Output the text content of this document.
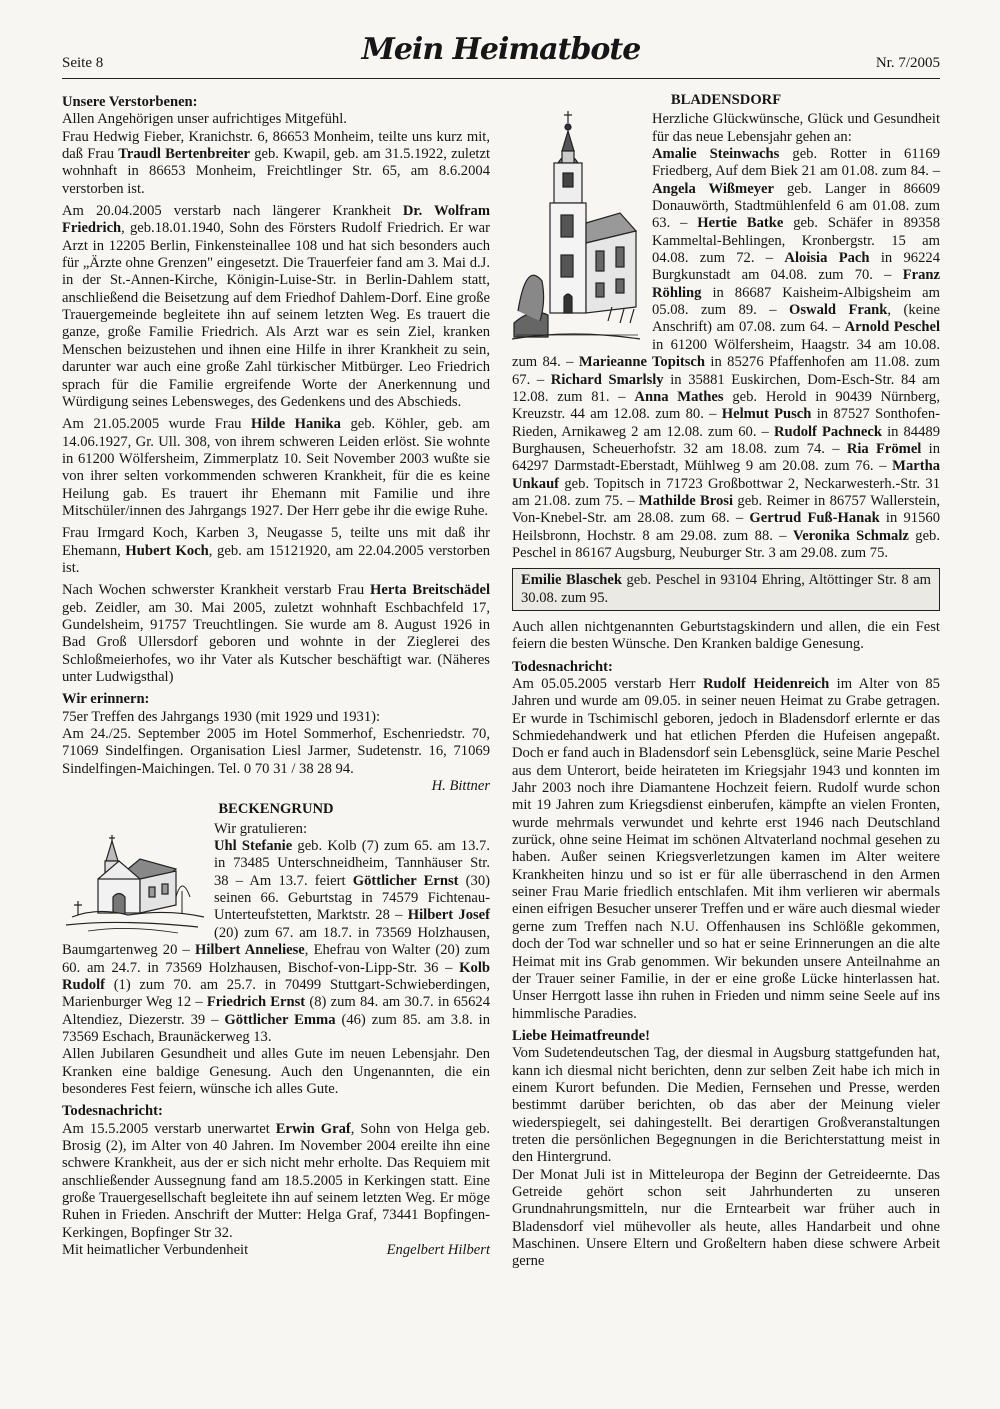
Seite 8	Mein Heimatbote	Nr. 7/2005
Unsere Verstorbenen:

Allen Angehörigen unser aufrichtiges Mitgefühl.
Frau Hedwig Fieber, Kranichstr. 6, 86653 Monheim, teilte uns kurz mit, daß Frau Traudl Bertenbreiter geb. Kwapil, geb. am 31.5.1922, zuletzt wohnhaft in 86653 Monheim, Freichtlinger Str. 65, am 8.6.2004 verstorben ist.

Am 20.04.2005 verstarb nach längerer Krankheit Dr. Wolfram Friedrich, geb.18.01.1940, Sohn des Försters Rudolf Friedrich. Er war Arzt in 12205 Berlin, Finkensteinallee 108 und hat sich besonders auch für „Ärzte ohne Grenzen" eingesetzt. Die Trauerfeier fand am 3. Mai d.J. in der St.-Annen-Kirche, Königin-Luise-Str. in Berlin-Dahlem statt, anschließend die Beisetzung auf dem Friedhof Dahlem-Dorf. Eine große Trauergemeinde begleitete ihn auf seinem letzten Weg. Es trauert die ganze, große Familie Friedrich. Als Arzt war es sein Ziel, kranken Menschen beizustehen und ihnen eine Hilfe in ihrer Krankheit zu sein, darunter war auch eine große Zahl türkischer Mitbürger. Leo Friedrich sprach für die Familie ergreifende Worte der Anerkennung und Würdigung seines Lebensweges, des Gedenkens und des Abschieds.

Am 21.05.2005 wurde Frau Hilde Hanika geb. Köhler, geb. am 14.06.1927, Gr. Ull. 308, von ihrem schweren Leiden erlöst. Sie wohnte in 61200 Wölfersheim, Zimmerplatz 10. Seit November 2003 wußte sie von ihrer selten vorkommenden schweren Krankheit, für die es keine Heilung gab. Es trauert ihr Ehemann mit Familie und ihre Mitschüler/innen des Jahrgangs 1927. Der Herr gebe ihr die ewige Ruhe.

Frau Irmgard Koch, Karben 3, Neugasse 5, teilte uns mit daß ihr Ehemann, Hubert Koch, geb. am 15121920, am 22.04.2005 verstorben ist.

Nach Wochen schwerster Krankheit verstarb Frau Herta Breitschädel geb. Zeidler, am 30. Mai 2005, zuletzt wohnhaft Eschbachfeld 17, Gundelsheim, 91757 Treuchtlingen. Sie wurde am 8. August 1926 in Bad Groß Ullersdorf geboren und wohnte in der Zieglerei des Schloßmeierhofes, wo ihr Vater als Kutscher beschäftigt war. (Näheres unter Ludwigsthal)

Wir erinnern:

75er Treffen des Jahrgangs 1930 (mit 1929 und 1931):
Am 24./25. September 2005 im Hotel Sommerhof, Eschenriedstr. 70, 71069 Sindelfingen. Organisation Liesl Jarmer, Sudetenstr. 16, 71069 Sindelfingen-Maichingen. Tel. 0 70 31 / 38 28 94.

H. Bittner
BECKENGRUND

Wir gratulieren:

Uhl Stefanie geb. Kolb (7) zum 65. am 13.7. in 73485 Unterschneidheim, Tannhäuser Str. 38 – Am 13.7. feiert Göttlicher Ernst (30) seinen 66. Geburtstag in 74579 Fichtenau-Unterteufstetten, Marktstr. 28 – Hilbert Josef (20) zum 67. am 18.7. in 73569 Holzhausen, Baumgartenweg 20 – Hilbert Anneliese, Ehefrau von Walter (20) zum 60. am 24.7. in 73569 Holzhausen, Bischof-von-Lipp-Str. 36 – Kolb Rudolf (1) zum 70. am 25.7. in 70499 Stuttgart-Schwieberdingen, Marienburger Weg 12 – Friedrich Ernst (8) zum 84. am 30.7. in 65624 Altendiez, Diezerstr. 39 – Göttlicher Emma (46) zum 85. am 3.8. in 73569 Eschach, Braunäckerweg 13.

Allen Jubilaren Gesundheit und alles Gute im neuen Lebensjahr. Den Kranken eine baldige Genesung. Auch den Ungenannten, die ein besonderes Fest feiern, wünsche ich alles Gute.

Todesnachricht:

Am 15.5.2005 verstarb unerwartet Erwin Graf, Sohn von Helga geb. Brosig (2), im Alter von 40 Jahren. Im November 2004 ereilte ihn eine schwere Krankheit, aus der er sich nicht mehr erholte. Das Requiem mit anschließender Aussegnung fand am 18.5.2005 in Kerkingen statt. Eine große Trauergesellschaft begleitete ihn auf seinem letzten Weg. Er möge Ruhen in Frieden. Anschrift der Mutter: Helga Graf, 73441 Bopfingen-Kerkingen, Bopfinger Str 32.

Mit heimatlicher Verbundenheit	Engelbert Hilbert
BLADENSDORF

Herzliche Glückwünsche, Glück und Gesundheit für das neue Lebensjahr gehen an:

Amalie Steinwachs geb. Rotter in 61169 Friedberg, Auf dem Biek 21 am 01.08. zum 84. – Angela Wißmeyer geb. Langer in 86609 Donauwörth, Stadtmühlenfeld 6 am 01.08. zum 63. – Hertie Batke geb. Schäfer in 89358 Kammeltal-Behlingen, Kronbergstr. 15 am 04.08. zum 72. – Aloisia Pach in 96224 Burgkunstadt am 04.08. zum 70. – Franz Röhling in 86687 Kaisheim-Albigsheim am 05.08. zum 89. – Oswald Frank, (keine Anschrift) am 07.08. zum 64. – Arnold Peschel in 61200 Wölfersheim, Haagstr. 34 am 10.08. zum 84. – Marieanne Topitsch in 85276 Pfaffenhofen am 11.08. zum 67. – Richard Smarlsly in 35881 Euskirchen, Dom-Esch-Str. 84 am 12.08. zum 81. – Anna Mathes geb. Herold in 90439 Nürnberg, Kreuzstr. 44 am 12.08. zum 80. – Helmut Pusch in 87527 Sonthofen-Rieden, Arnikaweg 2 am 12.08. zum 60. – Rudolf Pachneck in 84489 Burghausen, Scheuerhofstr. 32 am 18.08. zum 74. – Ria Frömel in 64297 Darmstadt-Eberstadt, Mühlweg 9 am 20.08. zum 76. – Martha Unkauf geb. Topitsch in 71723 Großbottwar 2, Neckarwesterh.-Str. 31 am 21.08. zum 75. – Mathilde Brosi geb. Reimer in 86757 Wallerstein, Von-Knebel-Str. am 28.08. zum 68. – Gertrud Fuß-Hanak in 91560 Heilsbronn, Hochstr. 8 am 29.08. zum 88. – Veronika Schmalz geb. Peschel in 86167 Augsburg, Neuburger Str. 3 am 29.08. zum 75.

Emilie Blaschek geb. Peschel in 93104 Ehring, Altöttinger Str. 8 am 30.08. zum 95.

Auch allen nichtgenannten Geburtstagskindern und allen, die ein Fest feiern die besten Wünsche. Den Kranken baldige Genesung.

Todesnachricht:

Am 05.05.2005 verstarb Herr Rudolf Heidenreich im Alter von 85 Jahren und wurde am 09.05. in seiner neuen Heimat zu Grabe getragen. Er wurde in Tschimischl geboren, jedoch in Bladensdorf erlernte er das Schmiedehandwerk und hat etlichen Pferden die Hufeisen angepaßt. Doch er fand auch in Bladensdorf sein Lebensglück, seine Marie Peschel aus dem Unterort, beide heirateten im Kriegsjahr 1943 und konnten im Jahr 2003 noch ihre Diamantene Hochzeit feiern. Rudolf wurde schon mit 19 Jahren zum Kriegsdienst einberufen, kämpfte an vielen Fronten, wurde mehrmals verwundet und kehrte erst 1946 nach Deutschland zurück, ohne seine Heimat im schönen Altvaterland nochmal gesehen zu haben. Außer seinen Kriegsverletzungen kamen im Alter weitere Krankheiten hinzu und so ist er für alle überraschend in den Armen seiner Frau Marie friedlich entschlafen. Mit ihm verlieren wir abermals einen eifrigen Besucher unserer Treffen und er wäre auch diesmal wieder gerne zum Treffen nach N.U. Offenhausen ins Schlößle gekommen, doch der Tod war schneller und so hat er seine Erinnerungen an die alte Heimat mit ins Grab genommen. Wir bekunden unsere Anteilnahme an der Trauer seiner Familie, in der er eine große Lücke hinterlassen hat. Unser Herrgott lasse ihn ruhen in Frieden und nimm seine Seele auf ins himmlische Paradies.

Liebe Heimatfreunde!

Vom Sudetendeutschen Tag, der diesmal in Augsburg stattgefunden hat, kann ich diesmal nicht berichten, denn zur selben Zeit habe ich mich in einem Kurort befunden. Die Medien, Fernsehen und Presse, werden bestimmt darüber berichten, ob das aber der Meinung vieler wiederspiegelt, sei dahingestellt. Bei derartigen Großveranstaltungen treten die persönlichen Begegnungen in die Berichterstattung meist in den Hintergrund.

Der Monat Juli ist in Mitteleuropa der Beginn der Getreideernte. Das Getreide gehört schon seit Jahrhunderten zu unseren Grundnahrungsmitteln, nur die Erntearbeit war früher auch in Bladensdorf viel mühevoller als heute, alles Handarbeit und ohne Maschinen. Unsere Eltern und Großeltern haben diese schwere Arbeit gerne
